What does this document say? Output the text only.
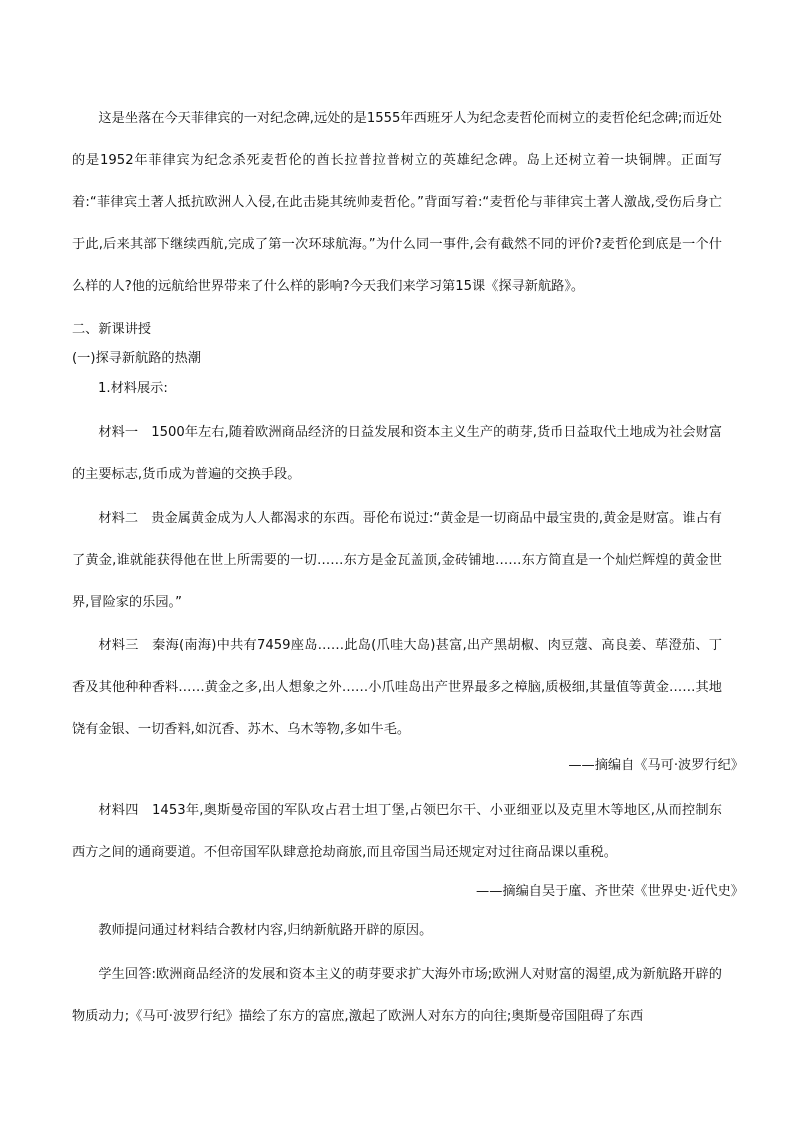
这是坐落在今天菲律宾的一对纪念碑,远处的是1555年西班牙人为纪念麦哲伦而树立的麦哲伦纪念碑;而近处的是1952年菲律宾为纪念杀死麦哲伦的酋长拉普拉普树立的英雄纪念碑。岛上还树立着一块铜牌。正面写着:“菲律宾土著人抵抗欧洲人入侵,在此击毙其统帅麦哲伦。”背面写着:“麦哲伦与菲律宾土著人激战,受伤后身亡于此,后来其部下继续西航,完成了第一次环球航海。”为什么同一事件,会有截然不同的评价?麦哲伦到底是一个什么样的人?他的远航给世界带来了什么样的影响?今天我们来学习第15课《探寻新航路》。

二、新课讲授

(一)探寻新航路的热潮

1.材料展示:

材料一　1500年左右,随着欧洲商品经济的日益发展和资本主义生产的萌芽,货币日益取代土地成为社会财富的主要标志,货币成为普遍的交换手段。

材料二　贵金属黄金成为人人都渴求的东西。哥伦布说过:“黄金是一切商品中最宝贵的,黄金是财富。谁占有了黄金,谁就能获得他在世上所需要的一切……东方是金瓦盖顶,金砖铺地……东方简直是一个灿烂辉煌的黄金世界,冒险家的乐园。”

材料三　秦海(南海)中共有7459座岛……此岛(爪哇大岛)甚富,出产黑胡椒、肉豆蔻、高良姜、荜澄茄、丁香及其他种种香料……黄金之多,出人想象之外……小爪哇岛出产世界最多之樟脑,质极细,其量值等黄金……其地饶有金银、一切香料,如沉香、苏木、乌木等物,多如牛毛。

——摘编自《马可·波罗行纪》

材料四　1453年,奥斯曼帝国的军队攻占君士坦丁堡,占领巴尔干、小亚细亚以及克里木等地区,从而控制东西方之间的通商要道。不但帝国军队肆意抢劫商旅,而且帝国当局还规定对过往商品课以重税。

——摘编自吴于廑、齐世荣《世界史·近代史》

教师提问通过材料结合教材内容,归纳新航路开辟的原因。

学生回答:欧洲商品经济的发展和资本主义的萌芽要求扩大海外市场;欧洲人对财富的渴望,成为新航路开辟的物质动力;《马可·波罗行纪》描绘了东方的富庶,激起了欧洲人对东方的向往;奥斯曼帝国阻碍了东西
